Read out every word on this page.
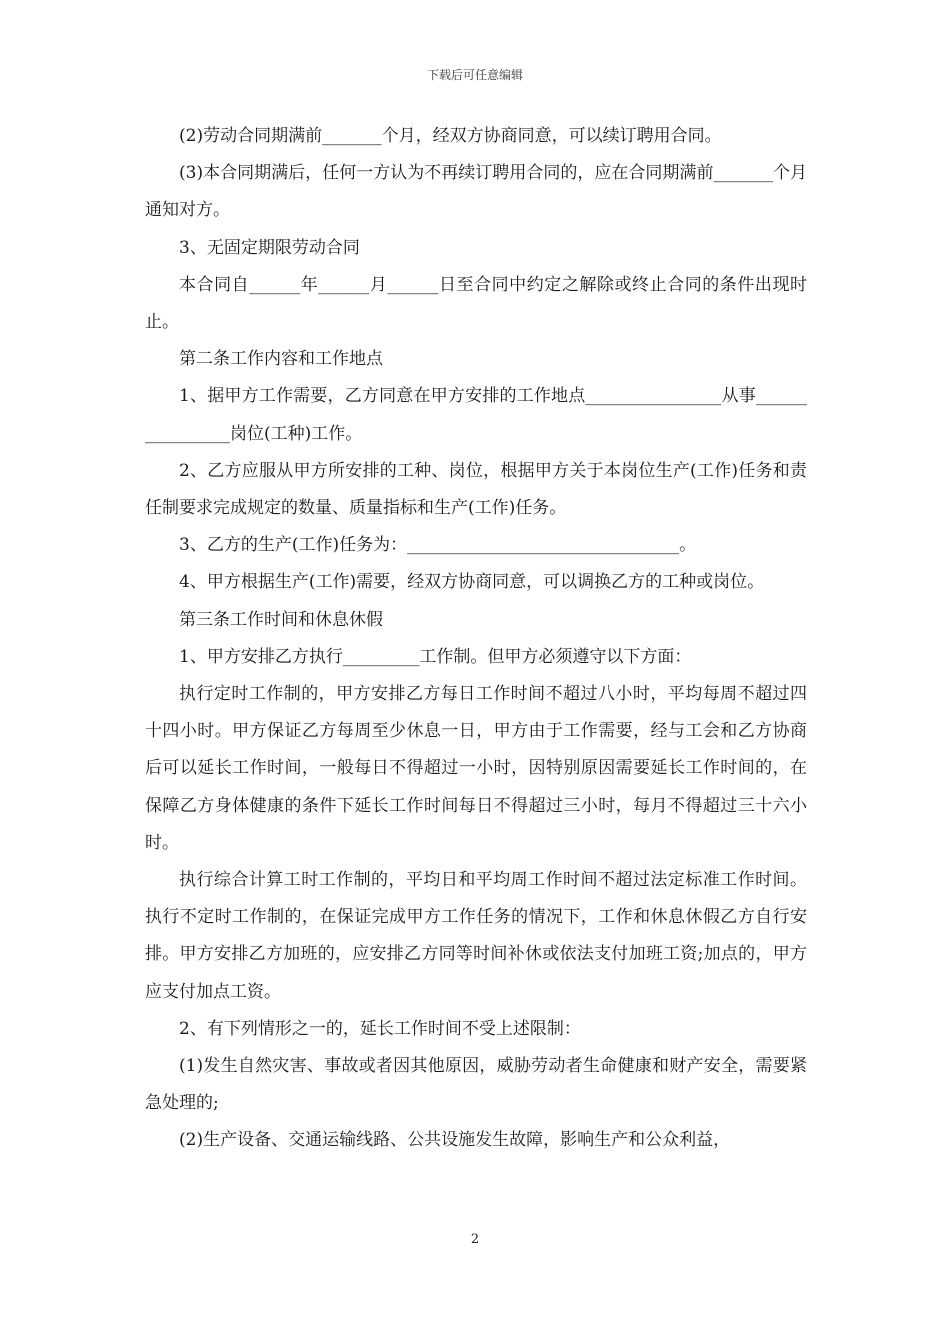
下载后可任意编辑

(2)劳动合同期满前_______个月，经双方协商同意，可以续订聘用合同。

(3)本合同期满后，任何一方认为不再续订聘用合同的，应在合同期满前_______个月通知对方。

3、无固定期限劳动合同

本合同自______年______月______日至合同中约定之解除或终止合同的条件出现时止。

第二条工作内容和工作地点

1、据甲方工作需要，乙方同意在甲方安排的工作地点________________从事________________岗位(工种)工作。

2、乙方应服从甲方所安排的工种、岗位，根据甲方关于本岗位生产(工作)任务和责任制要求完成规定的数量、质量指标和生产(工作)任务。

3、乙方的生产(工作)任务为：________________________________。

4、甲方根据生产(工作)需要，经双方协商同意，可以调换乙方的工种或岗位。

第三条工作时间和休息休假

1、甲方安排乙方执行_________工作制。但甲方必须遵守以下方面：

执行定时工作制的，甲方安排乙方每日工作时间不超过八小时，平均每周不超过四十四小时。甲方保证乙方每周至少休息一日，甲方由于工作需要，经与工会和乙方协商后可以延长工作时间，一般每日不得超过一小时，因特别原因需要延长工作时间的，在保障乙方身体健康的条件下延长工作时间每日不得超过三小时，每月不得超过三十六小时。

执行综合计算工时工作制的，平均日和平均周工作时间不超过法定标准工作时间。执行不定时工作制的，在保证完成甲方工作任务的情况下，工作和休息休假乙方自行安排。甲方安排乙方加班的，应安排乙方同等时间补休或依法支付加班工资;加点的，甲方应支付加点工资。

2、有下列情形之一的，延长工作时间不受上述限制：

(1)发生自然灾害、事故或者因其他原因，威胁劳动者生命健康和财产安全，需要紧急处理的;

(2)生产设备、交通运输线路、公共设施发生故障，影响生产和公众利益，

2
